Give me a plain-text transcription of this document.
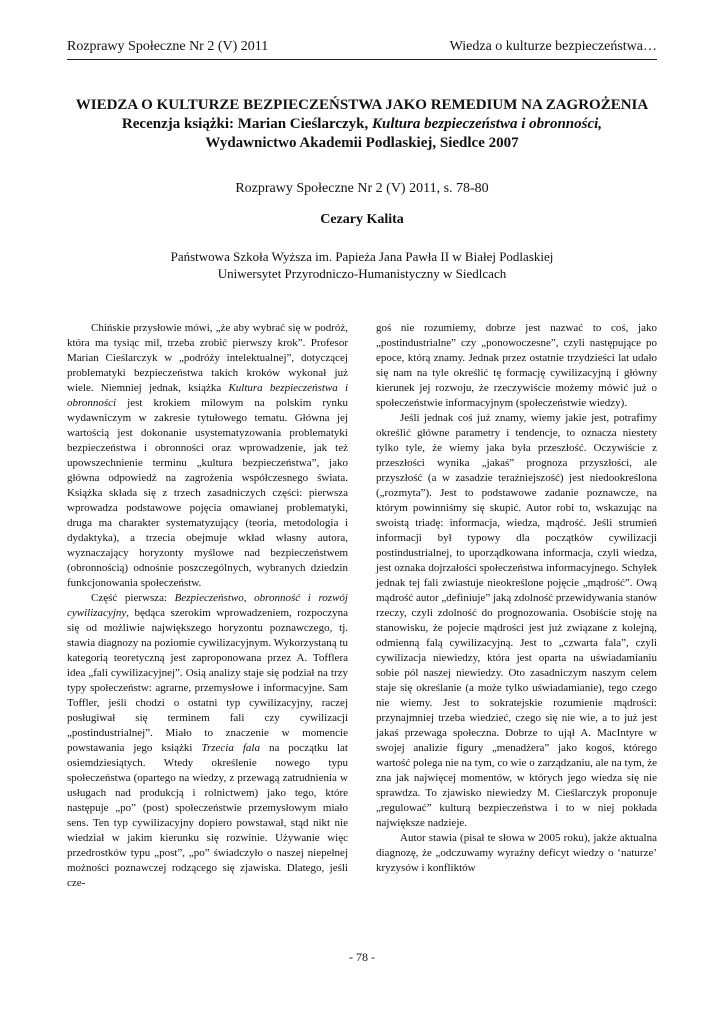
Rozprawy Społeczne Nr 2 (V) 2011	Wiedza o kulturze bezpieczeństwa…
WIEDZA O KULTURZE BEZPIECZEŃSTWA JAKO REMEDIUM NA ZAGROŻENIA
Recenzja książki: Marian Cieślarczyk, Kultura bezpieczeństwa i obronności,
Wydawnictwo Akademii Podlaskiej, Siedlce 2007
Rozprawy Społeczne Nr 2 (V) 2011, s. 78-80
Cezary Kalita
Państwowa Szkoła Wyższa im. Papieża Jana Pawła II w Białej Podlaskiej
Uniwersytet Przyrodniczo-Humanistyczny w Siedlcach

Chińskie przysłowie mówi, „że aby wybrać się w podróż, która ma tysiąc mil, trzeba zrobić pierwszy krok”. Profesor Marian Cieślarczyk w „podróży intelektualnej”, dotyczącej problematyki bezpieczeństwa takich kroków wykonał już wiele. Niemniej jednak, książka Kultura bezpieczeństwa i obronności jest krokiem milowym na polskim rynku wydawniczym w zakresie tytułowego tematu. Główna jej wartością jest dokonanie usystematyzowania problematyki bezpieczeństwa i obronności oraz wprowadzenie, jak też upowszechnienie terminu „kultura bezpieczeństwa”, jako główna odpowiedź na zagrożenia współczesnego świata. Książka składa się z trzech zasadniczych części: pierwsza wprowadza podstawowe pojęcia omawianej problematyki, druga ma charakter systematyzujący (teoria, metodologia i dydaktyka), a trzecia obejmuje wkład własny autora, wyznaczający horyzonty myślowe nad bezpieczeństwem (obronnością) odnośnie poszczególnych, wybranych dziedzin funkcjonowania społeczeństw.

Część pierwsza: Bezpieczeństwo, obronność i rozwój cywilizacyjny, będąca szerokim wprowadzeniem, rozpoczyna się od możliwie największego horyzontu poznawczego, tj. stawia diagnozy na poziomie cywilizacyjnym. Wykorzystaną tu kategorią teoretyczną jest zaproponowana przez A. Tofflera idea „fali cywilizacyjnej”. Osią analizy staje się podział na trzy typy społeczeństw: agrarne, przemysłowe i informacyjne. Sam Toffler, jeśli chodzi o ostatni typ cywilizacyjny, raczej posługiwał się terminem fali czy cywilizacji „postindustrialnej”. Miało to znaczenie w momencie powstawania jego książki Trzecia fala na początku lat osiemdziesiątych. Wtedy określenie nowego typu społeczeństwa (opartego na wiedzy, z przewagą zatrudnienia w usługach nad produkcją i rolnictwem) jako tego, które następuje „po” (post) społeczeństwie przemysłowym miało sens. Ten typ cywilizacyjny dopiero powstawał, stąd nikt nie wiedział w jakim kierunku się rozwinie. Używanie więc przedrostków typu „post”, „po” świadczyło o naszej niepełnej możności poznawczej rodzącego się zjawiska. Dlatego, jeśli cze-

goś nie rozumiemy, dobrze jest nazwać to coś, jako „postindustrialne” czy „ponowoczesne”, czyli następujące po epoce, którą znamy. Jednak przez ostatnie trzydzieści lat udało się nam na tyle określić tę formację cywilizacyjną i główny kierunek jej rozwoju, że rzeczywiście możemy mówić już o społeczeństwie informacyjnym (społeczeństwie wiedzy).

Jeśli jednak coś już znamy, wiemy jakie jest, potrafimy określić główne parametry i tendencje, to oznacza niestety tylko tyle, że wiemy jaka była przeszłość. Oczywiście z przeszłości wynika „jakaś” prognoza przyszłości, ale przyszłość (a w zasadzie teraźniejszość) jest niedookreślona („rozmyta”). Jest to podstawowe zadanie poznawcze, na którym powinniśmy się skupić. Autor robi to, wskazując na swoistą triadę: informacja, wiedza, mądrość. Jeśli strumień informacji był typowy dla początków cywilizacji postindustrialnej, to uporządkowana informacja, czyli wiedza, jest oznaka dojrzałości społeczeństwa informacyjnego. Schyłek jednak tej fali zwiastuje nieokreślone pojęcie „mądrość”. Ową mądrość autor „definiuje” jaką zdolność przewidywania stanów rzeczy, czyli zdolność do prognozowania. Osobiście stoję na stanowisku, że pojecie mądrości jest już związane z kolejną, odmienną falą cywilizacyjną. Jest to „czwarta fala”, czyli cywilizacja niewiedzy, która jest oparta na uświadamianiu sobie pól naszej niewiedzy. Oto zasadniczym naszym celem staje się określanie (a może tylko uświadamianie), tego czego nie wiemy. Jest to sokratejskie rozumienie mądrości: przynajmniej trzeba wiedzieć, czego się nie wie, a to już jest jakaś przewaga społeczna. Dobrze to ujął A. MacIntyre w swojej analizie figury „menadżera” jako kogoś, którego wartość polega nie na tym, co wie o zarządzaniu, ale na tym, że zna jak najwięcej momentów, w których jego wiedza się nie sprawdza. To zjawisko niewiedzy M. Cieślarczyk proponuje „regulować” kulturą bezpieczeństwa i to w niej pokłada największe nadzieje.

Autor stawia (pisał te słowa w 2005 roku), jakże aktualna diagnozę, że „odczuwamy wyraźny deficyt wiedzy o ‘naturze’ kryzysów i konfliktów

- 78 -
